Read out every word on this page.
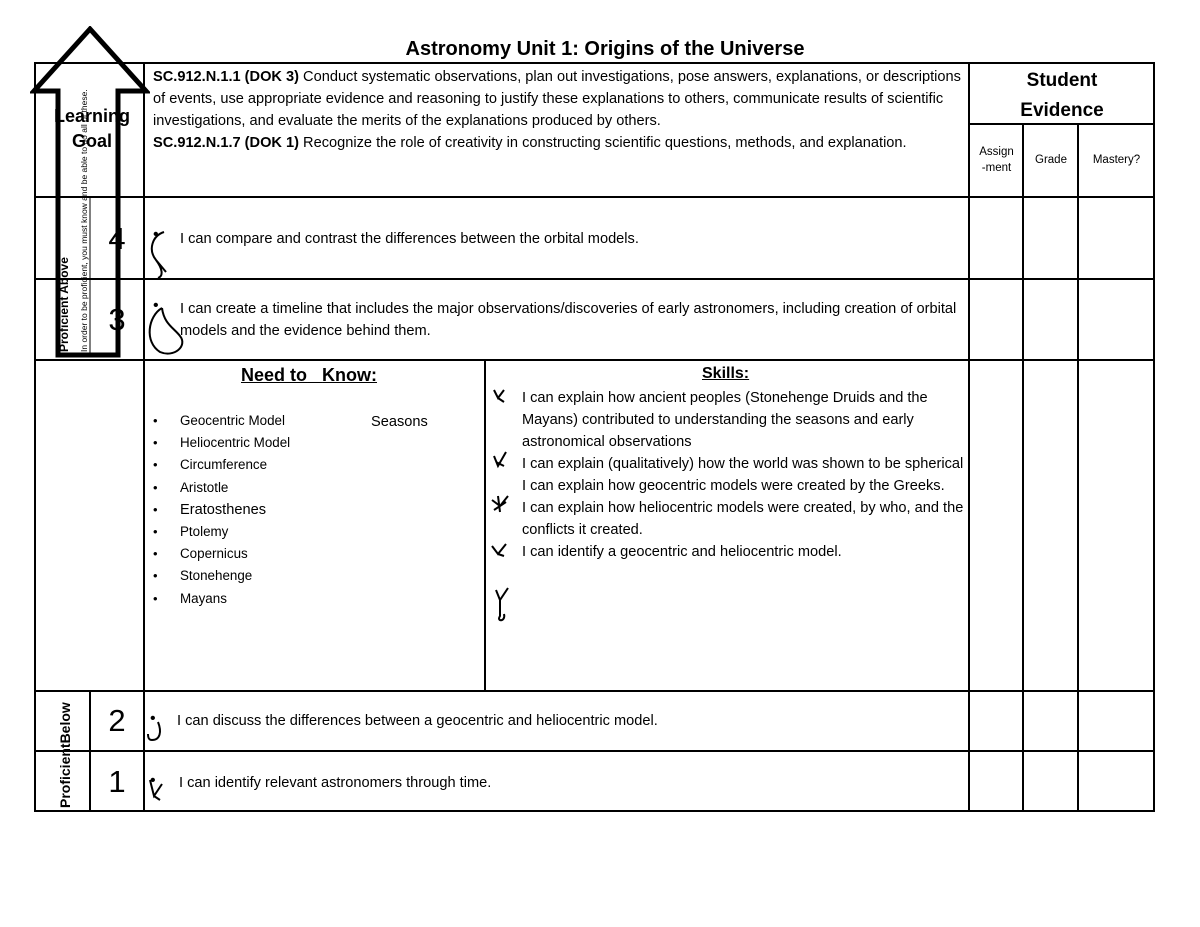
Astronomy Unit 1: Origins of the Universe
Learning
Goal
Proficient Above In order to be proficient, you must know and be able to do all of these.
SC.912.N.1.1 (DOK 3) Conduct systematic observations, plan out investigations, pose answers, explanations, or descriptions of events, use appropriate evidence and reasoning to justify these explanations to others, communicate results of scientific investigations, and evaluate the merits of the explanations produced by others.
SC.912.N.1.7 (DOK 1) Recognize the role of creativity in constructing scientific questions, methods, and explanation.
Student
Evidence
Assign
-ment
Grade	Mastery?
4	• I can compare and contrast the differences between the orbital models.
3	• I can create a timeline that includes the major observations/discoveries of early astronomers, including creation of orbital models and the evidence behind them.
Need to Know:
• Geocentric Model
• Heliocentric Model
• Circumference
• Aristotle
• Eratosthenes
• Ptolemy
• Copernicus
• Stonehenge
• Mayans
Seasons
Skills:
I can explain how ancient peoples (Stonehenge Druids and the Mayans) contributed to understanding the seasons and early astronomical observations
I can explain (qualitatively) how the world was shown to be spherical
I can explain how geocentric models were created by the Greeks.
I can explain how heliocentric models were created, by who, and the conflicts it created.
I can identify a geocentric and heliocentric model.
ProficientBelow	2	• I can discuss the differences between a geocentric and heliocentric model.
1	• I can identify relevant astronomers through time.
